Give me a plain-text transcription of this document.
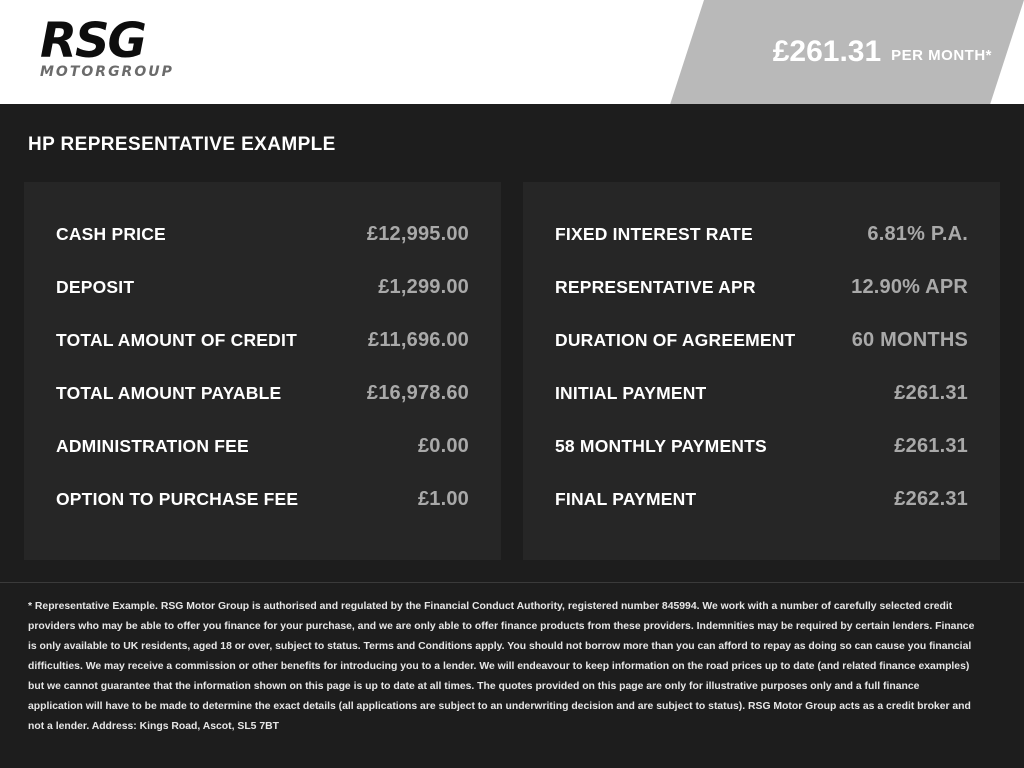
RSG
MOTORGROUP
£261.31 PER MONTH*
HP REPRESENTATIVE EXAMPLE
CASH PRICE	£12,995.00
DEPOSIT	£1,299.00
TOTAL AMOUNT OF CREDIT	£11,696.00
TOTAL AMOUNT PAYABLE	£16,978.60
ADMINISTRATION FEE	£0.00
OPTION TO PURCHASE FEE	£1.00
FIXED INTEREST RATE	6.81% P.A.
REPRESENTATIVE APR	12.90% APR
DURATION OF AGREEMENT	60 MONTHS
INITIAL PAYMENT	£261.31
58 MONTHLY PAYMENTS	£261.31
FINAL PAYMENT	£262.31
* Representative Example. RSG Motor Group is authorised and regulated by the Financial Conduct Authority, registered number 845994. We work with a number of carefully selected credit providers who may be able to offer you finance for your purchase, and we are only able to offer finance products from these providers. Indemnities may be required by certain lenders. Finance is only available to UK residents, aged 18 or over, subject to status. Terms and Conditions apply. You should not borrow more than you can afford to repay as doing so can cause you financial difficulties. We may receive a commission or other benefits for introducing you to a lender. We will endeavour to keep information on the road prices up to date (and related finance examples) but we cannot guarantee that the information shown on this page is up to date at all times. The quotes provided on this page are only for illustrative purposes only and a full finance application will have to be made to determine the exact details (all applications are subject to an underwriting decision and are subject to status). RSG Motor Group acts as a credit broker and not a lender. Address: Kings Road, Ascot, SL5 7BT
